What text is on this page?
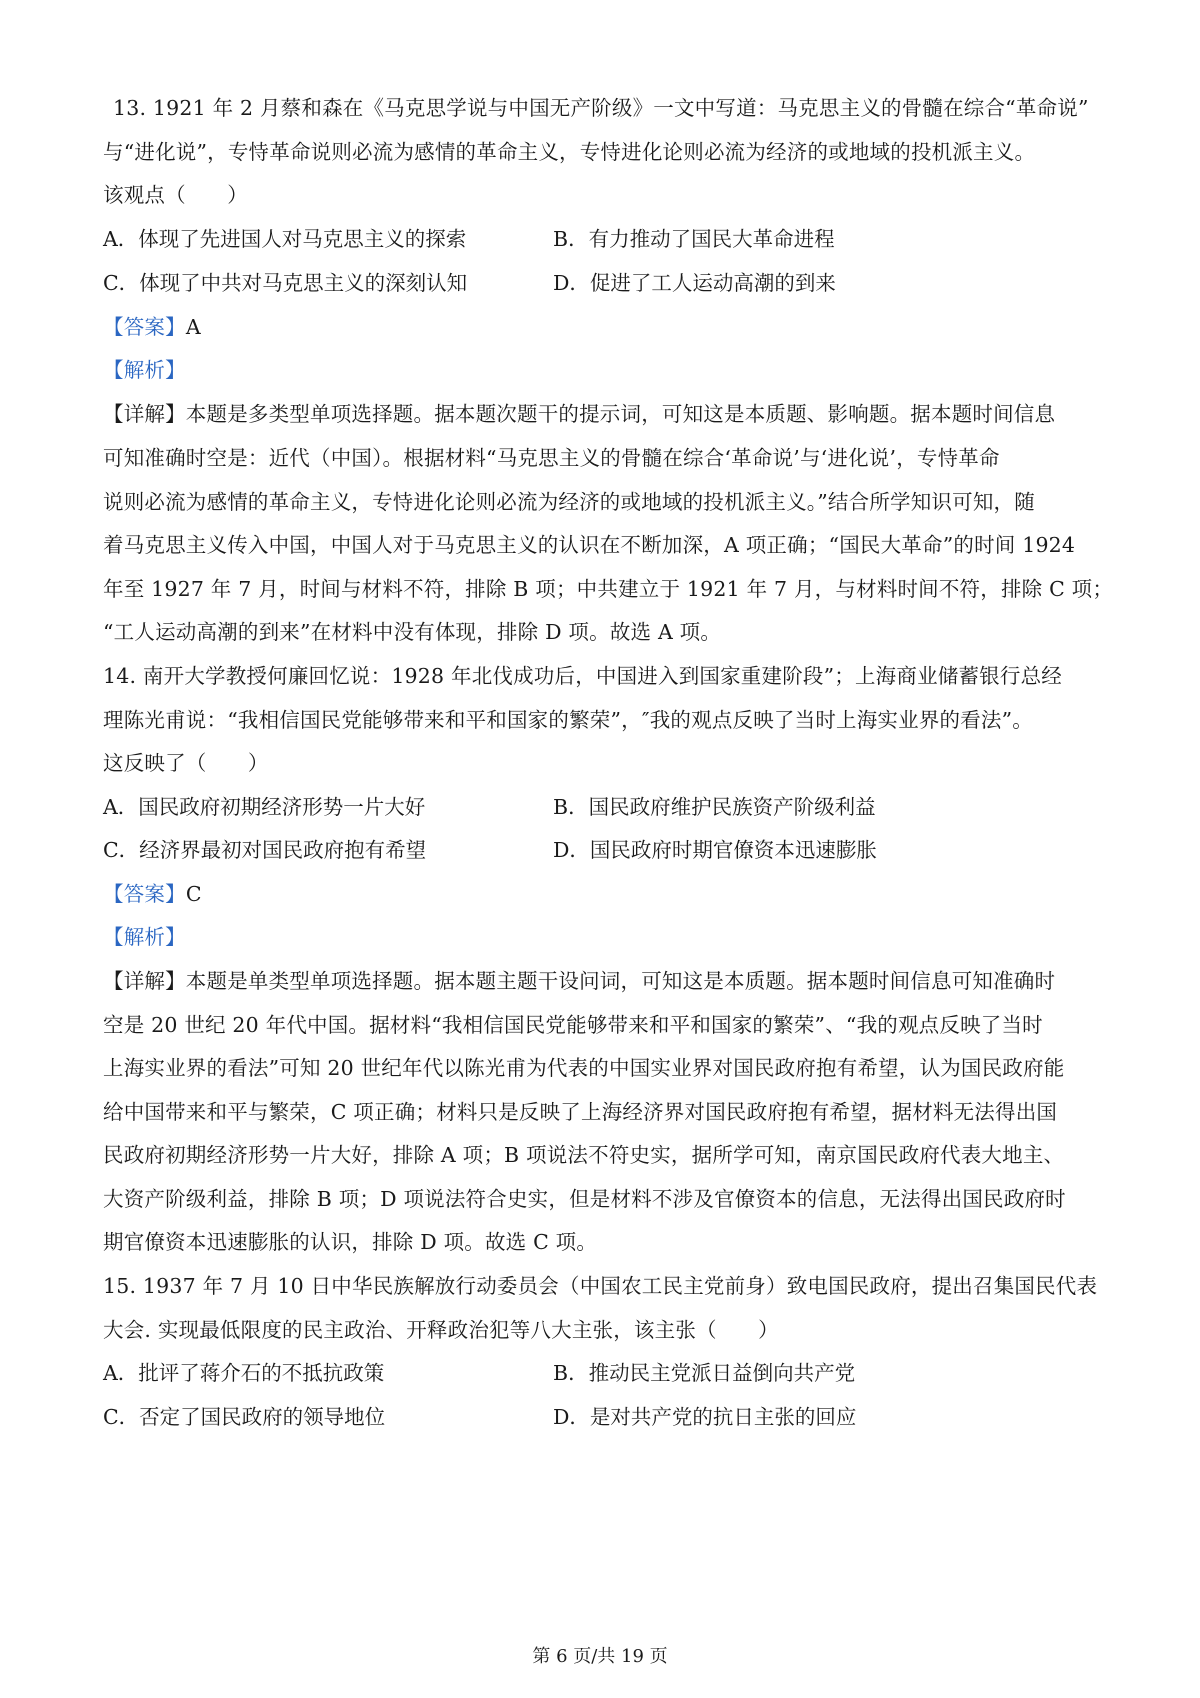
13. 1921 年 2 月蔡和森在《马克思学说与中国无产阶级》一文中写道：马克思主义的骨髓在综合“革命说”
与“进化说”，专恃革命说则必流为感情的革命主义，专恃进化论则必流为经济的或地域的投机派主义。
该观点（　　）
A．体现了先进国人对马克思主义的探索	B．有力推动了国民大革命进程
C．体现了中共对马克思主义的深刻认知	D．促进了工人运动高潮的到来
【答案】A
【解析】
【详解】本题是多类型单项选择题。据本题次题干的提示词，可知这是本质题、影响题。据本题时间信息
可知准确时空是：近代（中国）。根据材料“马克思主义的骨髓在综合‘革命说’与‘进化说’，专恃革命
说则必流为感情的革命主义，专恃进化论则必流为经济的或地域的投机派主义。”结合所学知识可知，随
着马克思主义传入中国，中国人对于马克思主义的认识在不断加深，A 项正确；“国民大革命”的时间 1924
年至 1927 年 7 月，时间与材料不符，排除 B 项；中共建立于 1921 年 7 月，与材料时间不符，排除 C 项；
“工人运动高潮的到来”在材料中没有体现，排除 D 项。故选 A 项。
14. 南开大学教授何廉回忆说：1928 年北伐成功后，中国进入到国家重建阶段”；上海商业储蓄银行总经
理陈光甫说：“我相信国民党能够带来和平和国家的繁荣”，″我的观点反映了当时上海实业界的看法”。
这反映了（　　）
A．国民政府初期经济形势一片大好	B．国民政府维护民族资产阶级利益
C．经济界最初对国民政府抱有希望	D．国民政府时期官僚资本迅速膨胀
【答案】C
【解析】
【详解】本题是单类型单项选择题。据本题主题干设问词，可知这是本质题。据本题时间信息可知准确时
空是 20 世纪 20 年代中国。据材料“我相信国民党能够带来和平和国家的繁荣”、“我的观点反映了当时
上海实业界的看法”可知 20 世纪年代以陈光甫为代表的中国实业界对国民政府抱有希望，认为国民政府能
给中国带来和平与繁荣，C 项正确；材料只是反映了上海经济界对国民政府抱有希望，据材料无法得出国
民政府初期经济形势一片大好，排除 A 项；B 项说法不符史实，据所学可知，南京国民政府代表大地主、
大资产阶级利益，排除 B 项；D 项说法符合史实，但是材料不涉及官僚资本的信息，无法得出国民政府时
期官僚资本迅速膨胀的认识，排除 D 项。故选 C 项。
15. 1937 年 7 月 10 日中华民族解放行动委员会（中国农工民主党前身）致电国民政府，提出召集国民代表
大会. 实现最低限度的民主政治、开释政治犯等八大主张，该主张（　　）
A．批评了蒋介石的不抵抗政策	B．推动民主党派日益倒向共产党
C．否定了国民政府的领导地位	D．是对共产党的抗日主张的回应
第 6 页/共 19 页
